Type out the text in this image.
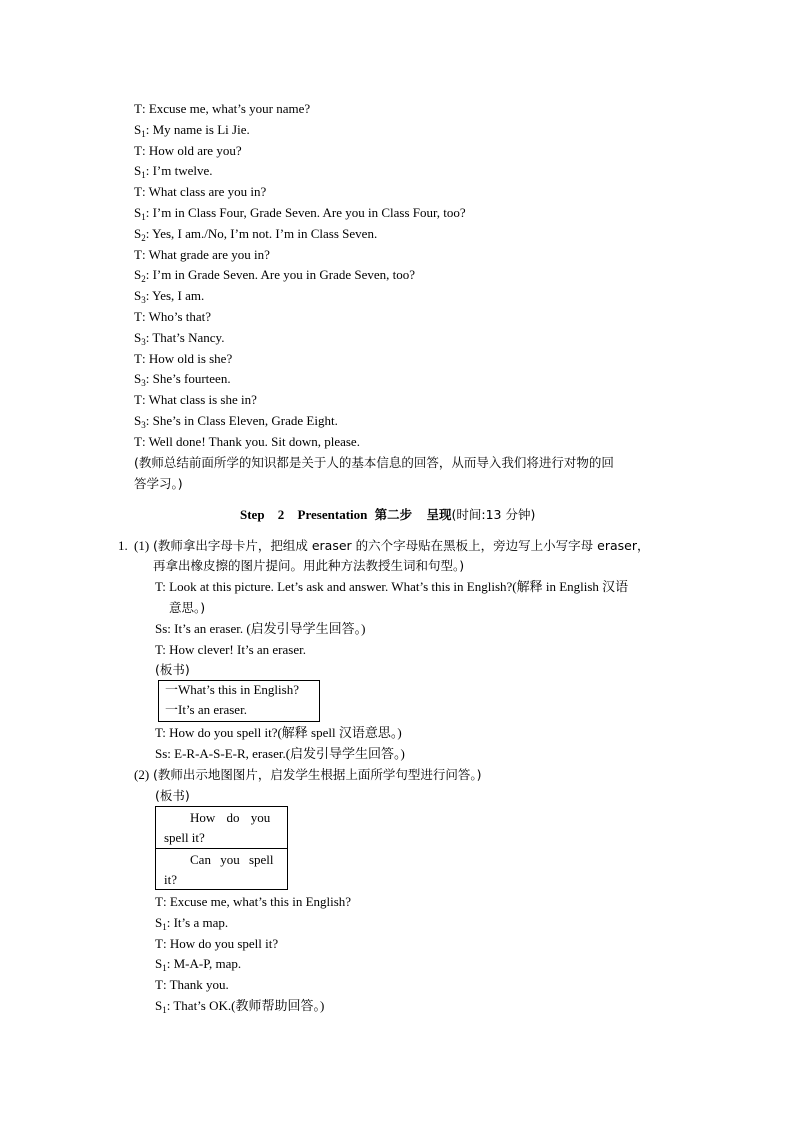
T: Excuse me, what’s your name?
$S_1$: My name is Li Jie.
T: How old are you?
$S_1$: I’m twelve.
T: What class are you in?
$S_1$: I’m in Class Four, Grade Seven. Are you in Class Four, too?
$S_2$: Yes, I am./No, I’m not. I’m in Class Seven.
T: What grade are you in?
$S_2$: I’m in Grade Seven. Are you in Grade Seven, too?
$S_3$: Yes, I am.
T: Who’s that?
$S_3$: That’s Nancy.
T: How old is she?
$S_3$: She’s fourteen.
T: What class is she in?
$S_3$: She’s in Class Eleven, Grade Eight.
T: Well done! Thank you. Sit down, please.
(教师总结前面所学的知识都是关于人的基本信息的回答，从而导入我们将进行对物的回
答学习。)
Step 2 Presentation 第二步 呈现(时间:13 分钟)
1. (1) (教师拿出字母卡片，把组成 eraser 的六个字母贴在黑板上，旁边写上小写字母 eraser，
再拿出橡皮擦的图片提问。用此种方法教授生词和句型。)
T: Look at this picture. Let’s ask and answer. What’s this in English?(解释 in English 汉语
意思。)
Ss: It’s an eraser. (启发引导学生回答。)
T: How clever! It’s an eraser.
(板书)
一What’s this in English?
一It’s an eraser.
T: How do you spell it?(解释 spell 汉语意思。)
Ss: E-R-A-S-E-R, eraser.(启发引导学生回答。)
(2) (教师出示地图图片，启发学生根据上面所学句型进行问答。)
(板书)
How do you
spell it?
Can you spell
it?
T: Excuse me, what’s this in English?
$S_1$: It’s a map.
T: How do you spell it?
$S_1$: M-A-P, map.
T: Thank you.
$S_1$: That’s OK.(教师帮助回答。)
